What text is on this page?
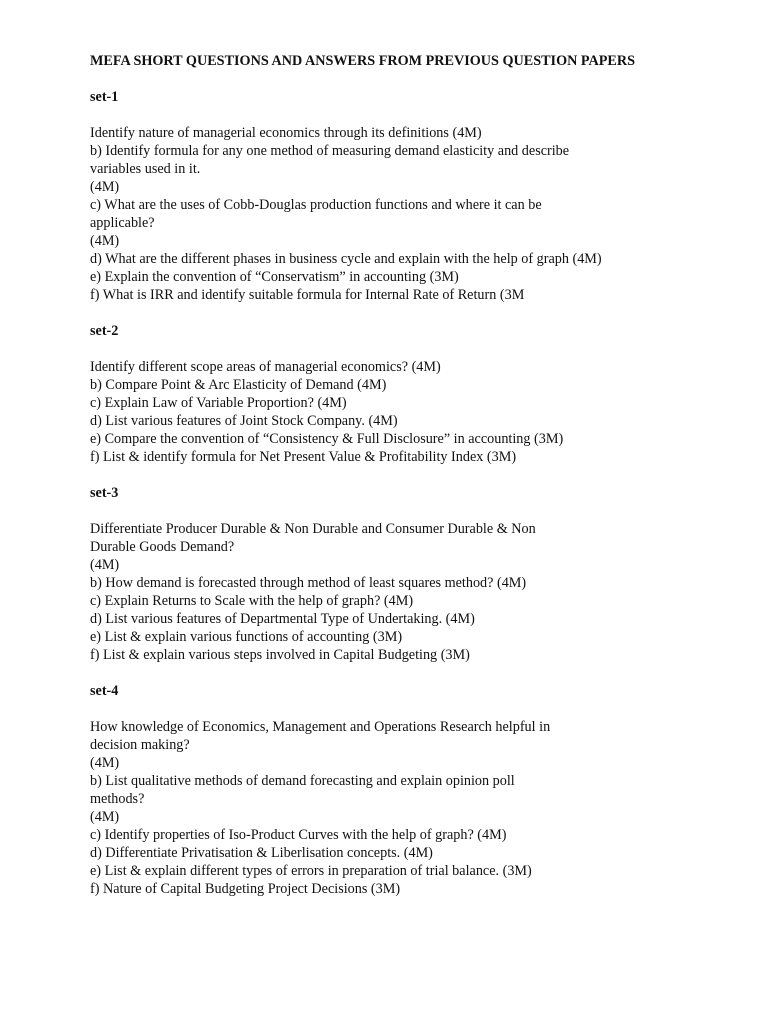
MEFA SHORT QUESTIONS AND ANSWERS FROM PREVIOUS QUESTION PAPERS
set-1
Identify nature of managerial economics through its definitions (4M)
b) Identify formula for any one method of measuring demand elasticity and describe
variables used in it.
(4M)
c) What are the uses of Cobb-Douglas production functions and where it can be
applicable?
(4M)
d) What are the different phases in business cycle and explain with the help of graph (4M)
e) Explain the convention of “Conservatism” in accounting (3M)
f) What is IRR and identify suitable formula for Internal Rate of Return (3M
set-2
Identify different scope areas of managerial economics? (4M)
b) Compare Point & Arc Elasticity of Demand (4M)
c) Explain Law of Variable Proportion? (4M)
d) List various features of Joint Stock Company. (4M)
e) Compare the convention of “Consistency & Full Disclosure” in accounting (3M)
f) List & identify formula for Net Present Value & Profitability Index (3M)
set-3
Differentiate Producer Durable & Non Durable and Consumer Durable & Non
Durable Goods Demand?
(4M)
b) How demand is forecasted through method of least squares method? (4M)
c) Explain Returns to Scale with the help of graph? (4M)
d) List various features of Departmental Type of Undertaking. (4M)
e) List & explain various functions of accounting (3M)
f) List & explain various steps involved in Capital Budgeting (3M)
set-4
How knowledge of Economics, Management and Operations Research helpful in
decision making?
(4M)
b) List qualitative methods of demand forecasting and explain opinion poll
methods?
(4M)
c) Identify properties of Iso-Product Curves with the help of graph? (4M)
d) Differentiate Privatisation & Liberlisation concepts. (4M)
e) List & explain different types of errors in preparation of trial balance. (3M)
f) Nature of Capital Budgeting Project Decisions (3M)
